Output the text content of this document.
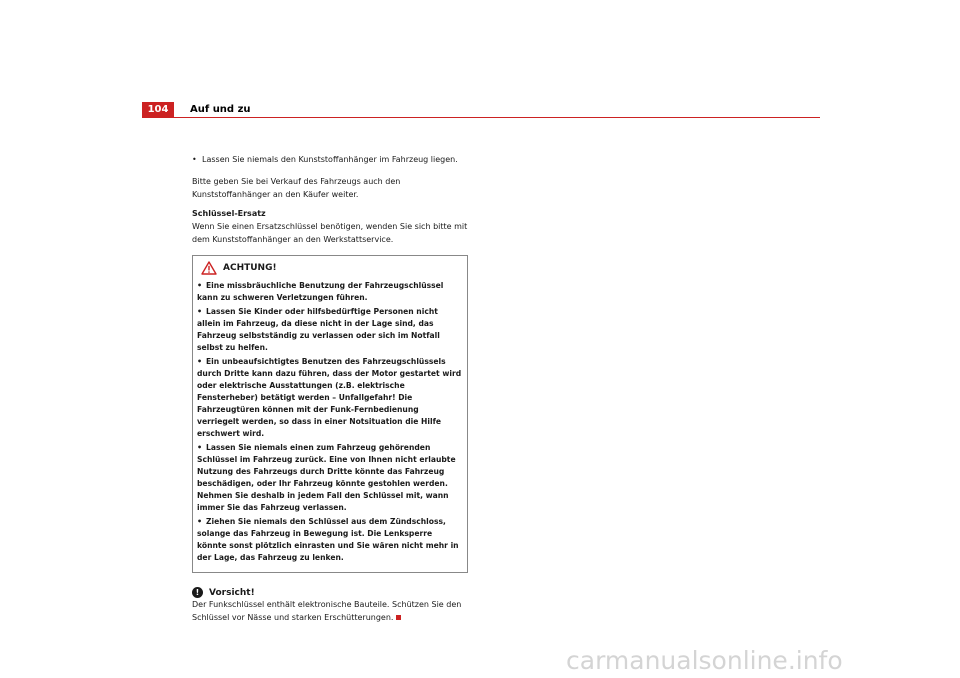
104	Auf und zu

• Lassen Sie niemals den Kunststoffanhänger im Fahrzeug liegen.

Bitte geben Sie bei Verkauf des Fahrzeugs auch den Kunststoffanhänger an den Käufer weiter.

Schlüssel-Ersatz

Wenn Sie einen Ersatzschlüssel benötigen, wenden Sie sich bitte mit dem Kunststoffanhänger an den Werkstattservice.

ACHTUNG!

• Eine missbräuchliche Benutzung der Fahrzeugschlüssel kann zu schweren Verletzungen führen.

• Lassen Sie Kinder oder hilfsbedürftige Personen nicht allein im Fahrzeug, da diese nicht in der Lage sind, das Fahrzeug selbstständig zu verlassen oder sich im Notfall selbst zu helfen.

• Ein unbeaufsichtigtes Benutzen des Fahrzeugschlüssels durch Dritte kann dazu führen, dass der Motor gestartet wird oder elektrische Ausstattungen (z.B. elektrische Fensterheber) betätigt werden – Unfallgefahr! Die Fahrzeugtüren können mit der Funk-Fernbedienung verriegelt werden, so dass in einer Notsituation die Hilfe erschwert wird.

• Lassen Sie niemals einen zum Fahrzeug gehörenden Schlüssel im Fahrzeug zurück. Eine von Ihnen nicht erlaubte Nutzung des Fahrzeugs durch Dritte könnte das Fahrzeug beschädigen, oder Ihr Fahrzeug könnte gestohlen werden. Nehmen Sie deshalb in jedem Fall den Schlüssel mit, wann immer Sie das Fahrzeug verlassen.

• Ziehen Sie niemals den Schlüssel aus dem Zündschloss, solange das Fahrzeug in Bewegung ist. Die Lenksperre könnte sonst plötzlich einrasten und Sie wären nicht mehr in der Lage, das Fahrzeug zu lenken.

!	Vorsicht!

Der Funkschlüssel enthält elektronische Bauteile. Schützen Sie den Schlüssel vor Nässe und starken Erschütterungen.

carmanualsonline.info
